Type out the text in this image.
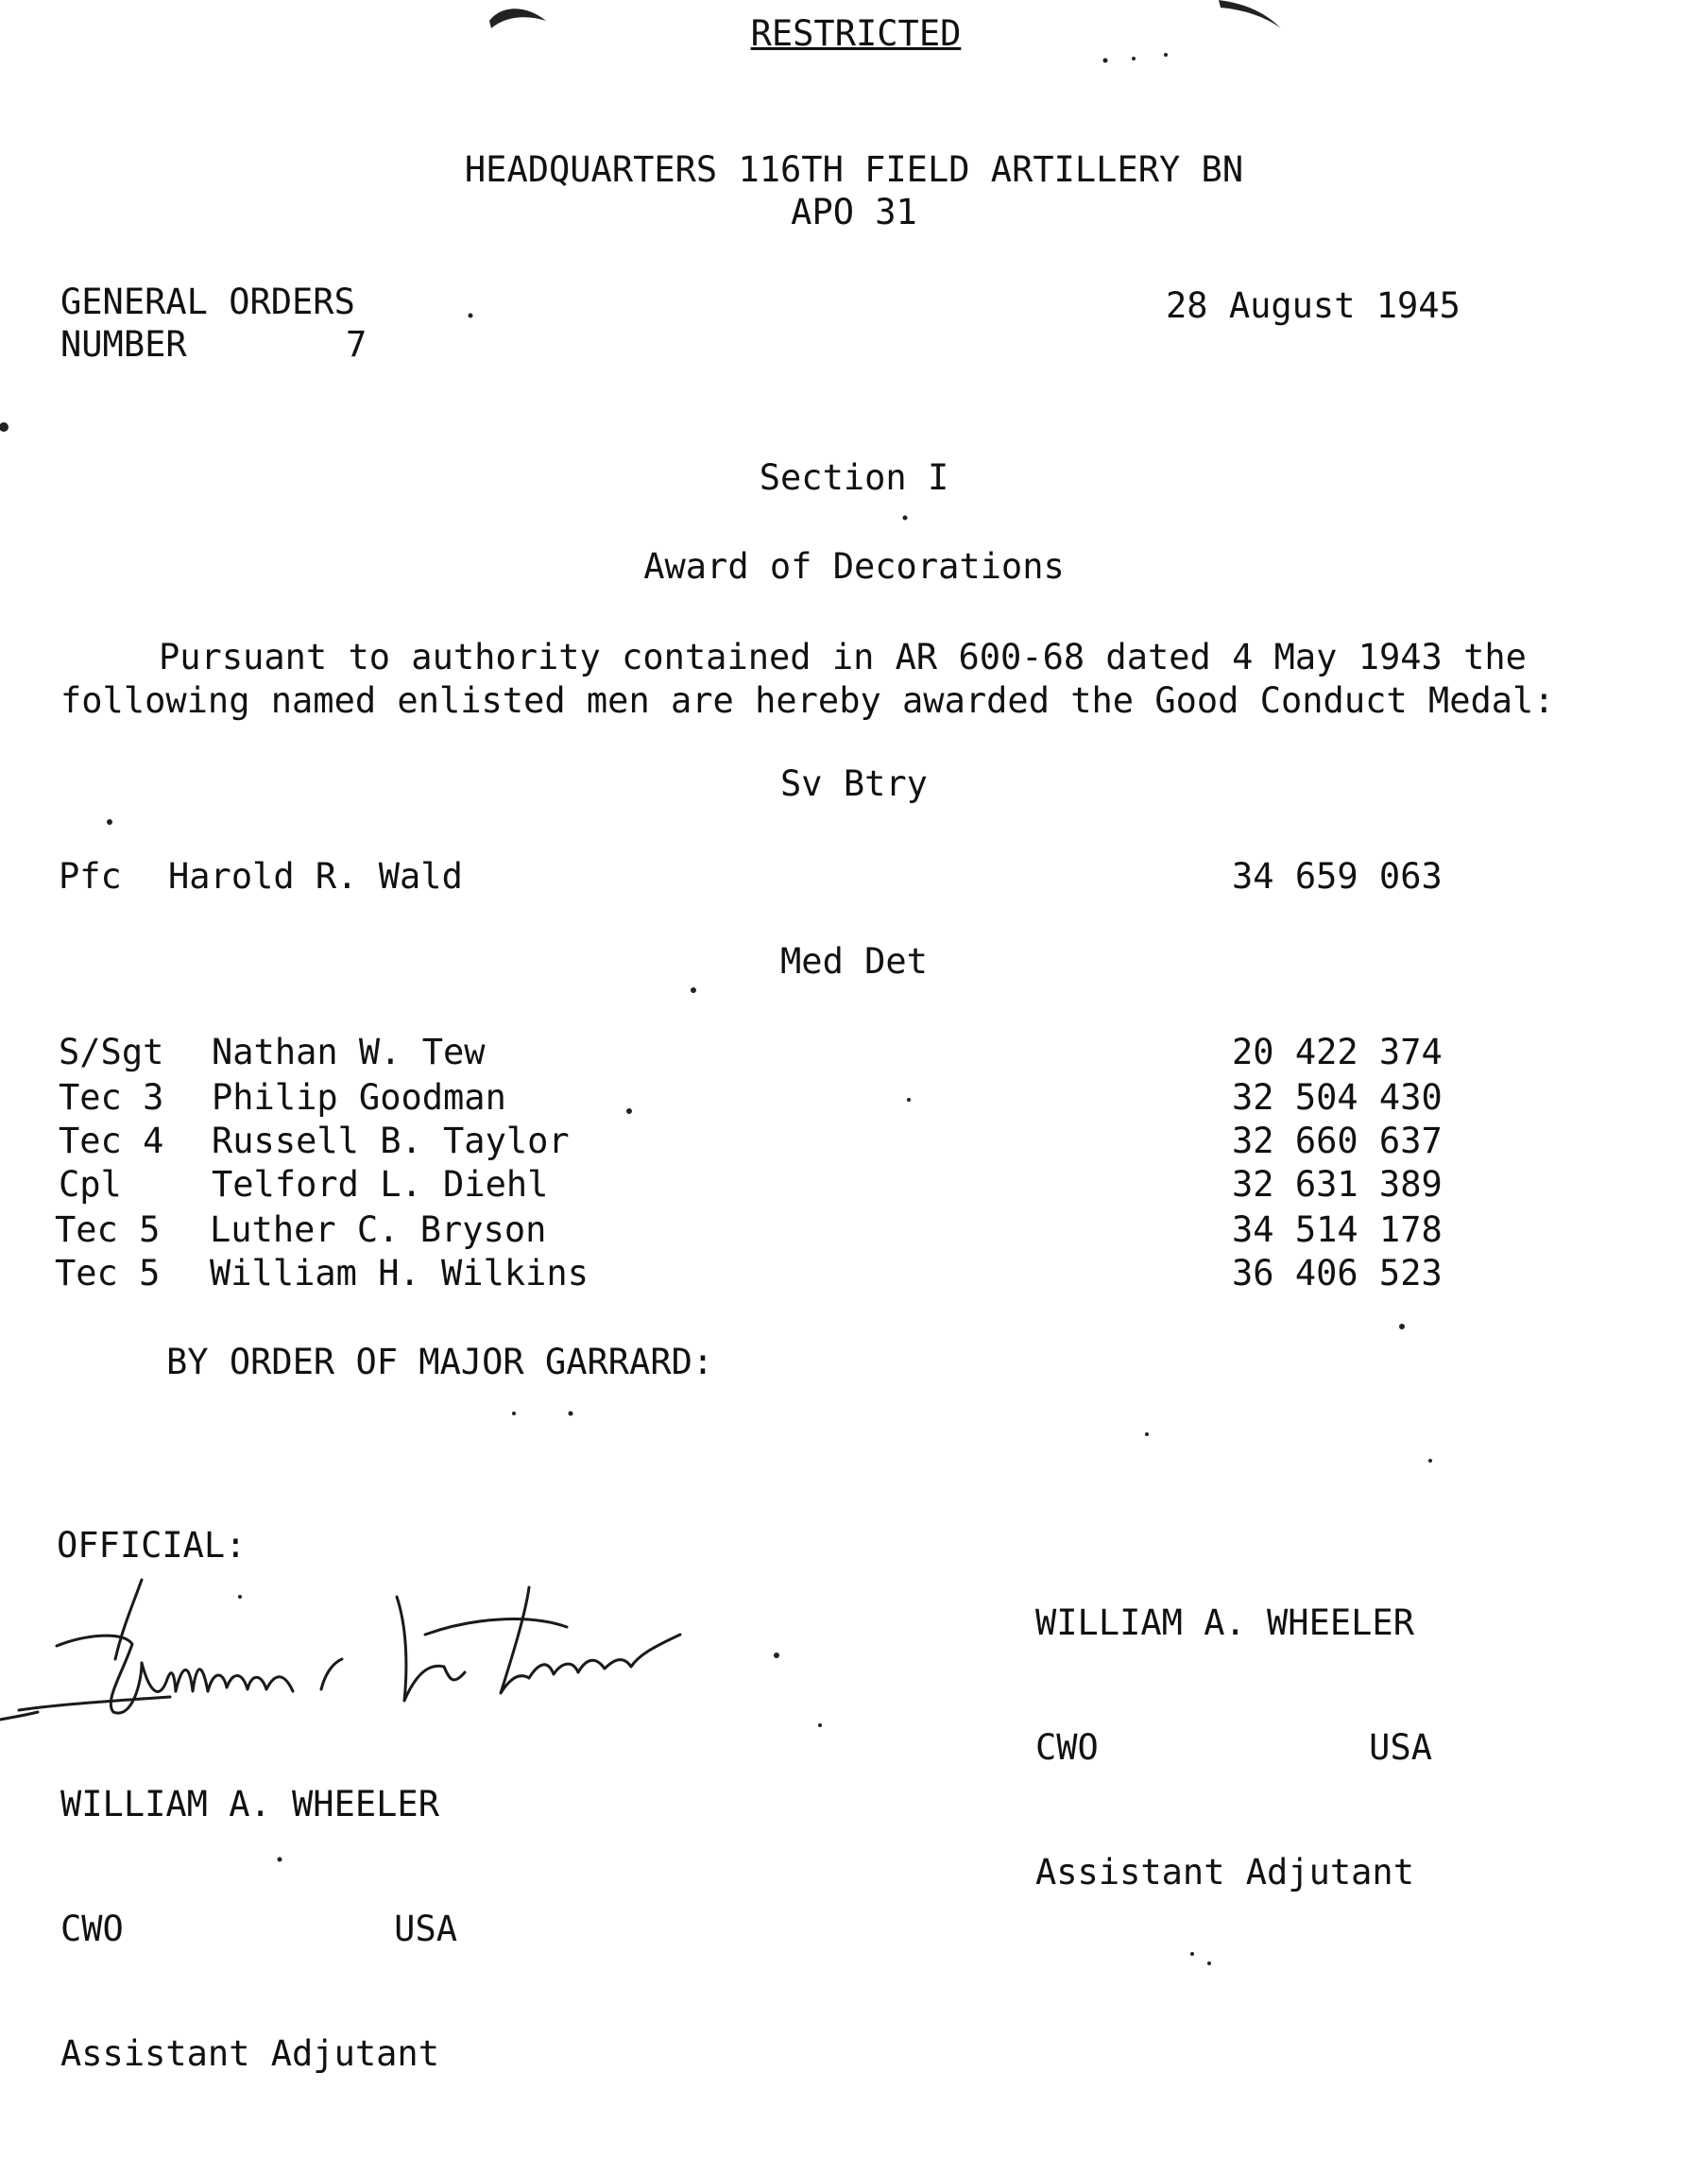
RESTRICTED
HEADQUARTERS 116TH FIELD ARTILLERY BN
APO 31
GENERAL ORDERS
NUMBER	7
28 August 1945
Section I
Award of Decorations
Pursuant to authority contained in AR 600-68 dated 4 May 1943 the
following named enlisted men are hereby awarded the Good Conduct Medal:
Sv Btry
Pfc Harold R. Wald	34 659 063
Med Det
S/Sgt Nathan W. Tew	20 422 374
Tec 3 Philip Goodman	32 504 430
Tec 4 Russell B. Taylor	32 660 637
Cpl	Telford L. Diehl	32 631 389
Tec 5 Luther C. Bryson	34 514 178
Tec 5 William H. Wilkins	36 406 523
BY ORDER OF MAJOR GARRARD:

WILLIAM A. WHEELER

CWO	USA

Assistant Adjutant

OFFICIAL:

WILLIAM A. WHEELER

CWO	USA

Assistant Adjutant
